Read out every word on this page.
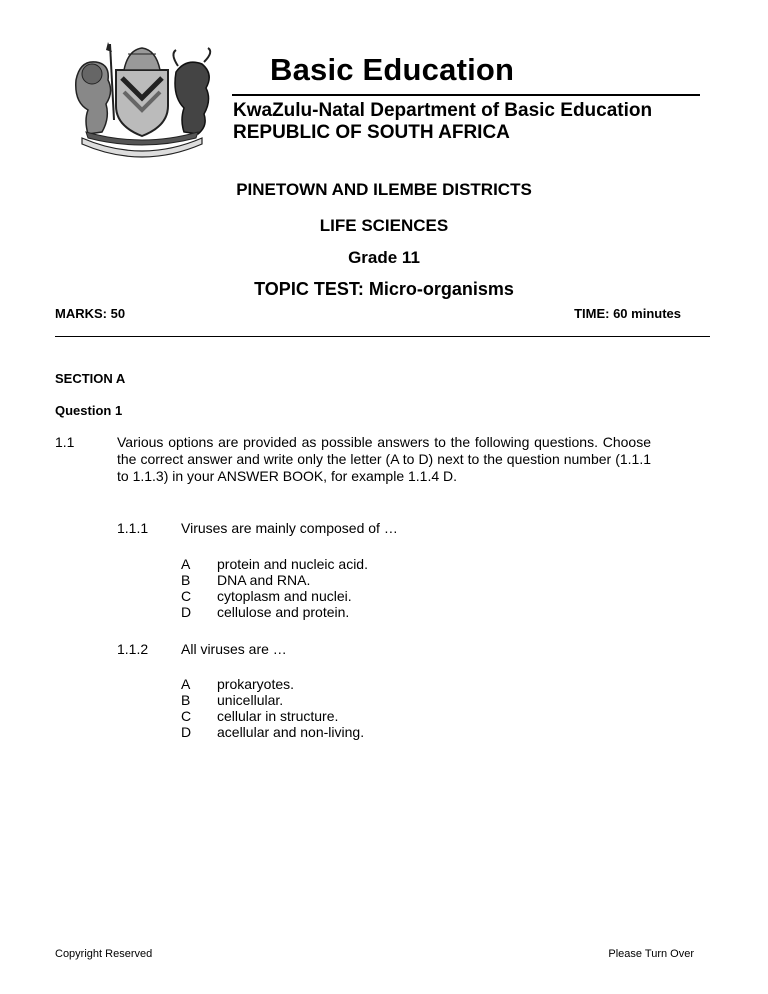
Basic Education
KwaZulu-Natal Department of Basic Education
REPUBLIC OF SOUTH AFRICA
PINETOWN AND ILEMBE DISTRICTS
LIFE SCIENCES
Grade 11
TOPIC TEST: Micro-organisms
MARKS: 50	TIME: 60 minutes
SECTION A
Question 1
1.1	Various options are provided as possible answers to the following questions. Choose the correct answer and write only the letter (A to D) next to the question number (1.1.1 to 1.1.3) in your ANSWER BOOK, for example 1.1.4 D.
1.1.1 Viruses are mainly composed of …
A	protein and nucleic acid.
B	DNA and RNA.
C	cytoplasm and nuclei.
D	cellulose and protein.
1.1.2 All viruses are …
A	prokaryotes.
B	unicellular.
C	cellular in structure.
D	acellular and non-living.
Copyright Reserved	Please Turn Over
